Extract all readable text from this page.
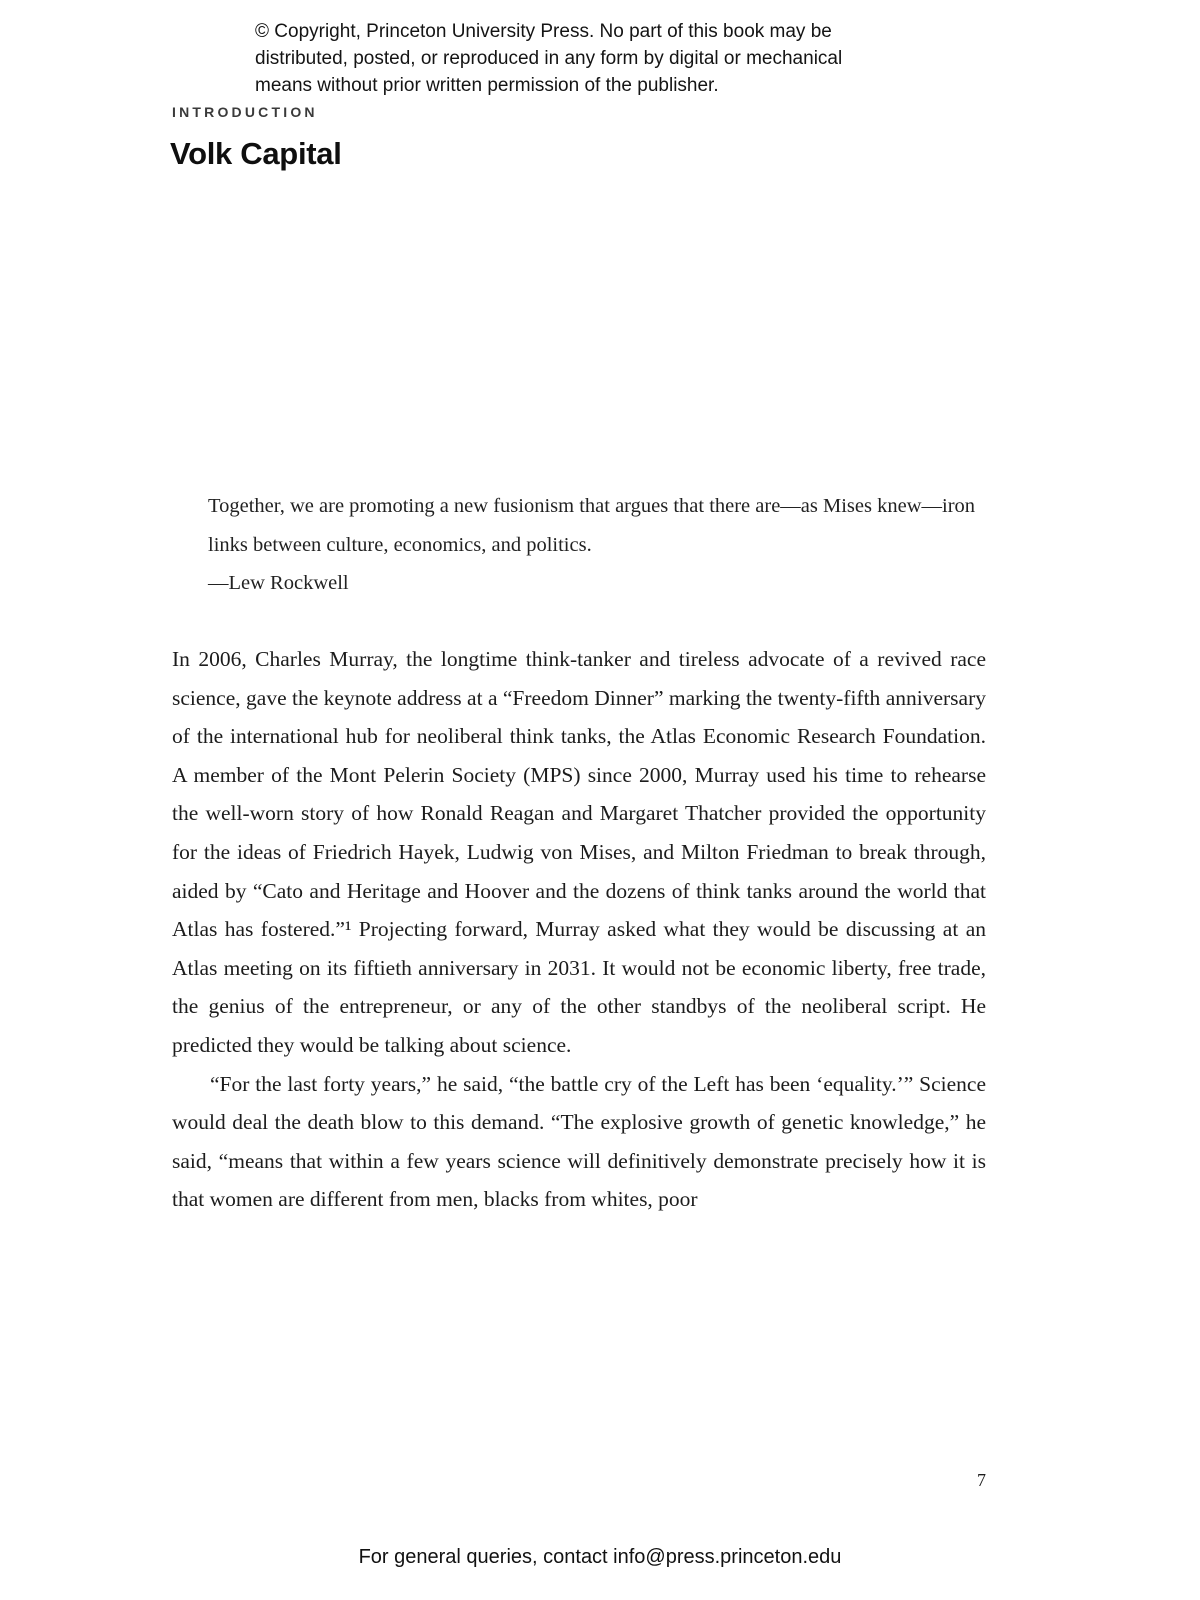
© Copyright, Princeton University Press. No part of this book may be
distributed, posted, or reproduced in any form by digital or mechanical
means without prior written permission of the publisher.
INTRODUCTION
Volk Capital
Together, we are promoting a new fusionism that argues that there are—as Mises knew—iron links between culture, economics, and politics.
—Lew Rockwell

In 2006, Charles Murray, the longtime think-tanker and tireless advocate of a revived race science, gave the keynote address at a “Freedom Dinner” marking the twenty-fifth anniversary of the international hub for neoliberal think tanks, the Atlas Economic Research Foundation. A member of the Mont Pelerin Society (MPS) since 2000, Murray used his time to rehearse the well-worn story of how Ronald Reagan and Margaret Thatcher provided the opportunity for the ideas of Friedrich Hayek, Ludwig von Mises, and Milton Friedman to break through, aided by “Cato and Heritage and Hoover and the dozens of think tanks around the world that Atlas has fostered.”¹ Projecting forward, Murray asked what they would be discussing at an Atlas meeting on its fiftieth anniversary in 2031. It would not be economic liberty, free trade, the genius of the entrepreneur, or any of the other standbys of the neoliberal script. He predicted they would be talking about science.

“For the last forty years,” he said, “the battle cry of the Left has been ‘equality.’” Science would deal the death blow to this demand. “The explosive growth of genetic knowledge,” he said, “means that within a few years science will definitively demonstrate precisely how it is that women are different from men, blacks from whites, poor

7
For general queries, contact info@press.princeton.edu
